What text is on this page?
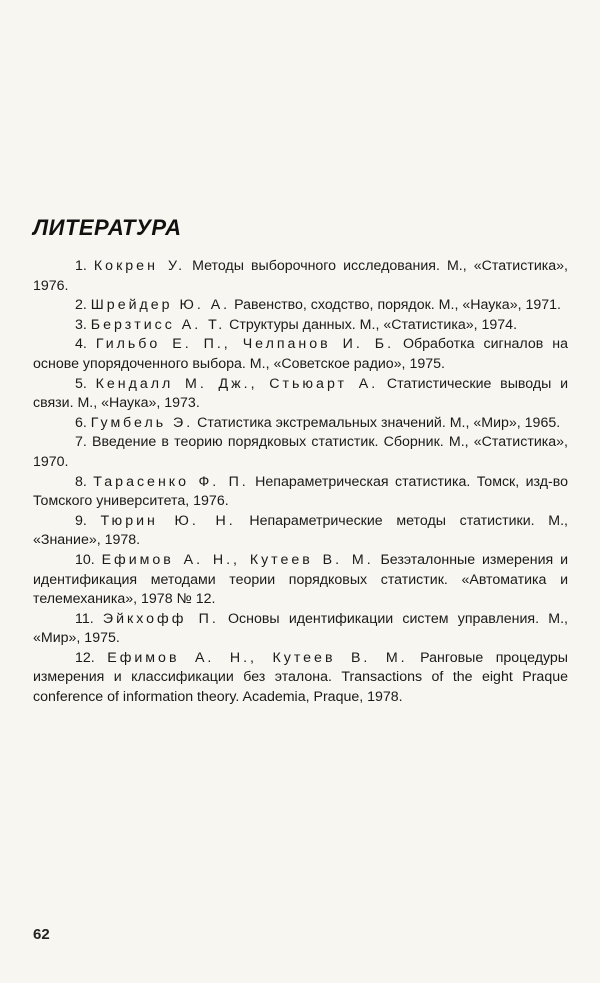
ЛИТЕРАТУРА

1. Кокрен У. Методы выборочного исследования. М., «Статистика», 1976.

2. Шрейдер Ю. А. Равенство, сходство, порядок. М., «Наука», 1971.

3. Берзтисс А. Т. Структуры данных. М., «Статистика», 1974.

4. Гильбо Е. П., Челпанов И. Б. Обработка сигналов на основе упорядоченного выбора. М., «Советское радио», 1975.

5. Кендалл М. Дж., Стьюарт А. Статистические выводы и связи. М., «Наука», 1973.

6. Гумбель Э. Статистика экстремальных значений. М., «Мир», 1965.

7. Введение в теорию порядковых статистик. Сборник. М., «Статистика», 1970.

8. Тарасенко Ф. П. Непараметрическая статистика. Томск, изд-во Томского университета, 1976.

9. Тюрин Ю. Н. Непараметрические методы статистики. М., «Знание», 1978.

10. Ефимов А. Н., Кутеев В. М. Безэталонные измерения и идентификация методами теории порядковых статистик. «Автоматика и телемеханика», 1978 № 12.

11. Эйкхофф П. Основы идентификации систем управления. М., «Мир», 1975.

12. Ефимов А. Н., Кутеев В. М. Ранговые процедуры измерения и классификации без эталона. Transactions of the eight Praque conference of information theory. Academia, Praque, 1978.

62
